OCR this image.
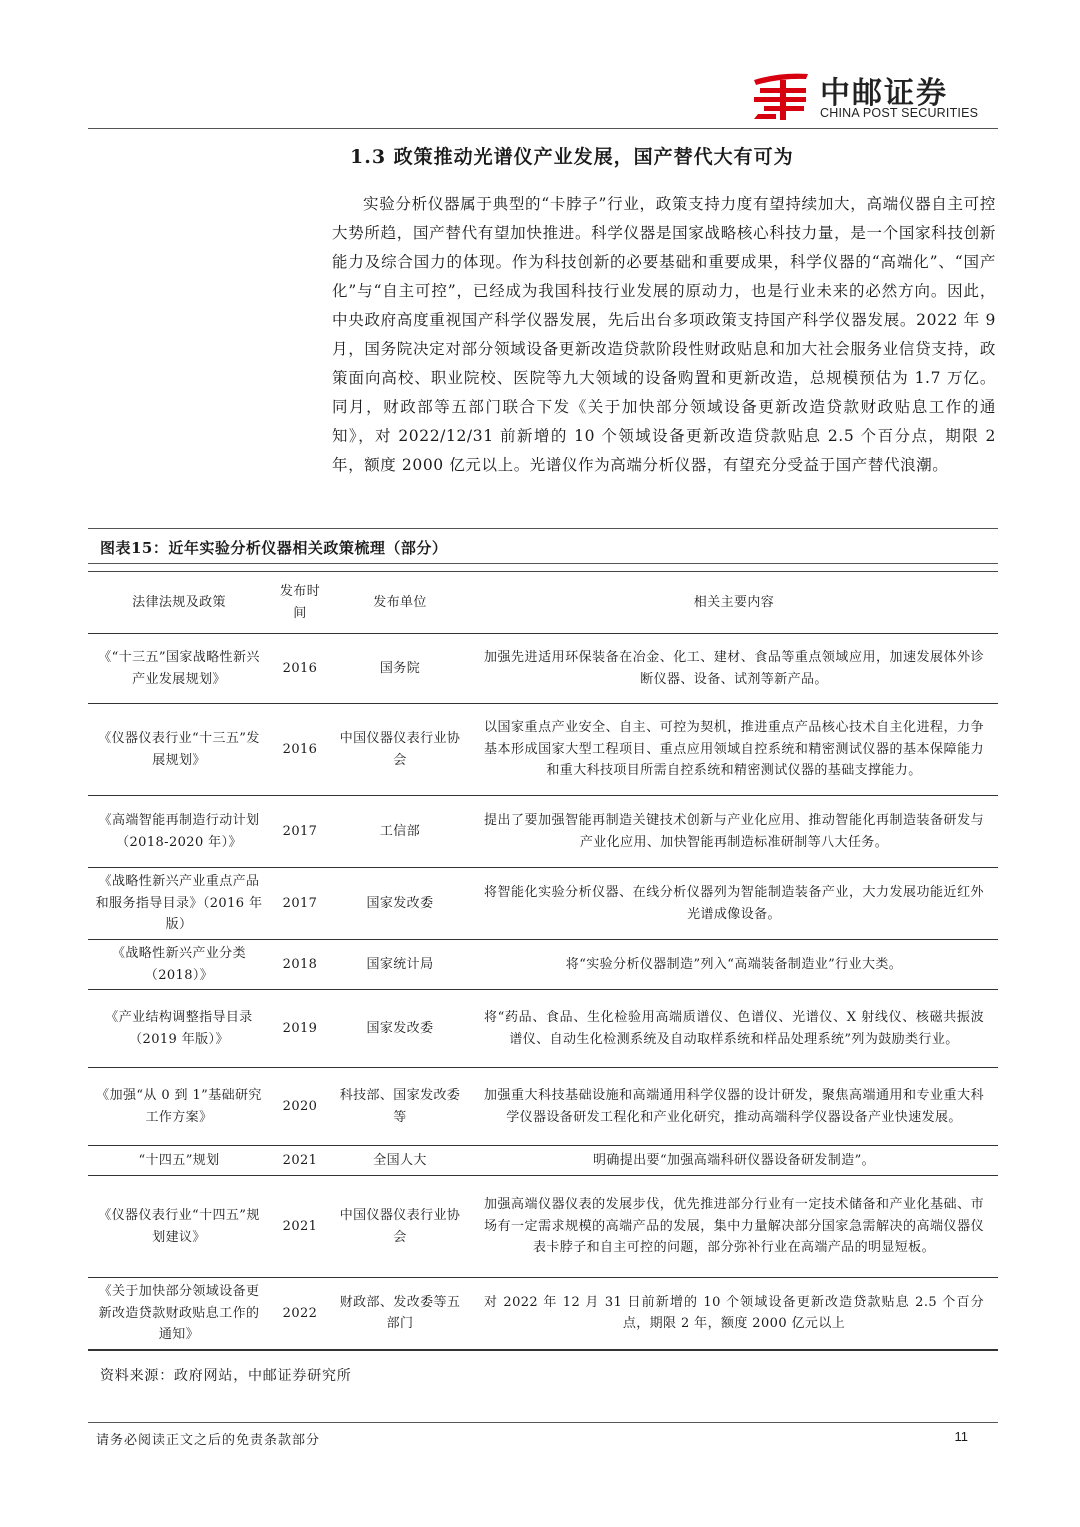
中邮证券
CHINA POST SECURITIES
1.3 政策推动光谱仪产业发展，国产替代大有可为

实验分析仪器属于典型的“卡脖子”行业，政策支持力度有望持续加大，高端仪器自主可控大势所趋，国产替代有望加快推进。科学仪器是国家战略核心科技力量，是一个国家科技创新能力及综合国力的体现。作为科技创新的必要基础和重要成果，科学仪器的“高端化”、“国产化”与“自主可控”，已经成为我国科技行业发展的原动力，也是行业未来的必然方向。因此，中央政府高度重视国产科学仪器发展，先后出台多项政策支持国产科学仪器发展。2022 年 9 月，国务院决定对部分领域设备更新改造贷款阶段性财政贴息和加大社会服务业信贷支持，政策面向高校、职业院校、医院等九大领域的设备购置和更新改造，总规模预估为 1.7 万亿。同月，财政部等五部门联合下发《关于加快部分领域设备更新改造贷款财政贴息工作的通知》，对 2022/12/31 前新增的 10 个领域设备更新改造贷款贴息 2.5 个百分点，期限 2 年，额度 2000 亿元以上。光谱仪作为高端分析仪器，有望充分受益于国产替代浪潮。

图表15：近年实验分析仪器相关政策梳理（部分）
法律法规及政策	发布时间	发布单位	相关主要内容
《“十三五”国家战略性新兴产业发展规划》	2016	国务院	加强先进适用环保装备在冶金、化工、建材、食品等重点领域应用，加速发展体外诊断仪器、设备、试剂等新产品。
《仪器仪表行业“十三五”发展规划》	2016	中国仪器仪表行业协会	以国家重点产业安全、自主、可控为契机，推进重点产品核心技术自主化进程，力争基本形成国家大型工程项目、重点应用领域自控系统和精密测试仪器的基本保障能力和重大科技项目所需自控系统和精密测试仪器的基础支撑能力。
《高端智能再制造行动计划（2018-2020 年）》	2017	工信部	提出了要加强智能再制造关键技术创新与产业化应用、推动智能化再制造装备研发与产业化应用、加快智能再制造标准研制等八大任务。
《战略性新兴产业重点产品和服务指导目录》（2016 年版）	2017	国家发改委	将智能化实验分析仪器、在线分析仪器列为智能制造装备产业，大力发展功能近红外光谱成像设备。
《战略性新兴产业分类（2018）》	2018	国家统计局	将“实验分析仪器制造”列入“高端装备制造业”行业大类。
《产业结构调整指导目录（2019 年版）》	2019	国家发改委	将“药品、食品、生化检验用高端质谱仪、色谱仪、光谱仪、X 射线仪、核磁共振波谱仪、自动生化检测系统及自动取样系统和样品处理系统”列为鼓励类行业。
《加强“从 0 到 1”基础研究工作方案》	2020	科技部、国家发改委等	加强重大科技基础设施和高端通用科学仪器的设计研发，聚焦高端通用和专业重大科学仪器设备研发工程化和产业化研究，推动高端科学仪器设备产业快速发展。
“十四五”规划	2021	全国人大	明确提出要“加强高端科研仪器设备研发制造”。
《仪器仪表行业“十四五”规划建议》	2021	中国仪器仪表行业协会	加强高端仪器仪表的发展步伐，优先推进部分行业有一定技术储备和产业化基础、市场有一定需求规模的高端产品的发展，集中力量解决部分国家急需解决的高端仪器仪表卡脖子和自主可控的问题，部分弥补行业在高端产品的明显短板。
《关于加快部分领域设备更新改造贷款财政贴息工作的通知》	2022	财政部、发改委等五部门	对 2022 年 12 月 31 日前新增的 10 个领域设备更新改造贷款贴息 2.5 个百分点，期限 2 年，额度 2000 亿元以上
资料来源：政府网站，中邮证券研究所
请务必阅读正文之后的免责条款部分	11
